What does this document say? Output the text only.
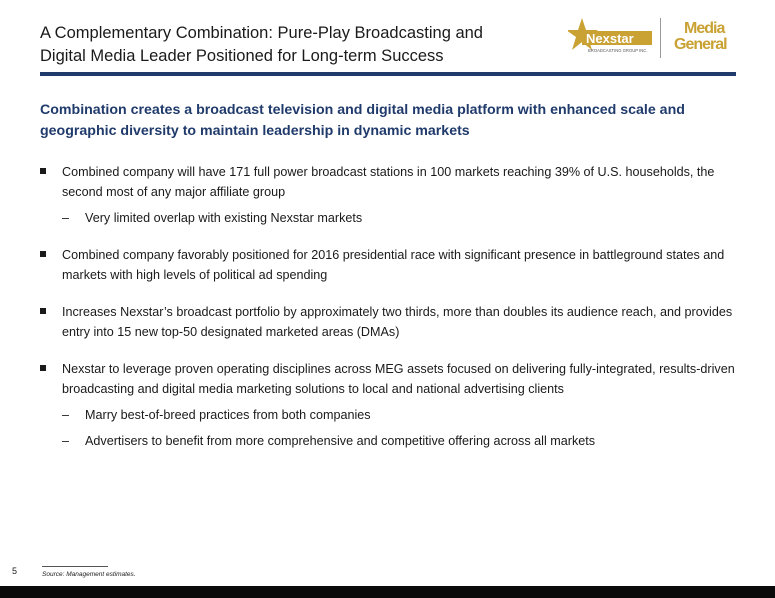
A Complementary Combination: Pure-Play Broadcasting and
Digital Media Leader Positioned for Long-term Success
Nexstar
BROADCASTING GROUP INC.
Media
General
Combination creates a broadcast television and digital media platform with enhanced scale and geographic diversity to maintain leadership in dynamic markets
Combined company will have 171 full power broadcast stations in 100 markets reaching 39% of U.S. households, the second most of any major affiliate group
– Very limited overlap with existing Nexstar markets
Combined company favorably positioned for 2016 presidential race with significant presence in battleground states and markets with high levels of political ad spending
Increases Nexstar’s broadcast portfolio by approximately two thirds, more than doubles its audience reach, and provides entry into 15 new top-50 designated marketed areas (DMAs)
Nexstar to leverage proven operating disciplines across MEG assets focused on delivering fully-integrated, results-driven broadcasting and digital media marketing solutions to local and national advertising clients
– Marry best-of-breed practices from both companies
– Advertisers to benefit from more comprehensive and competitive offering across all markets
5	Source: Management estimates.
